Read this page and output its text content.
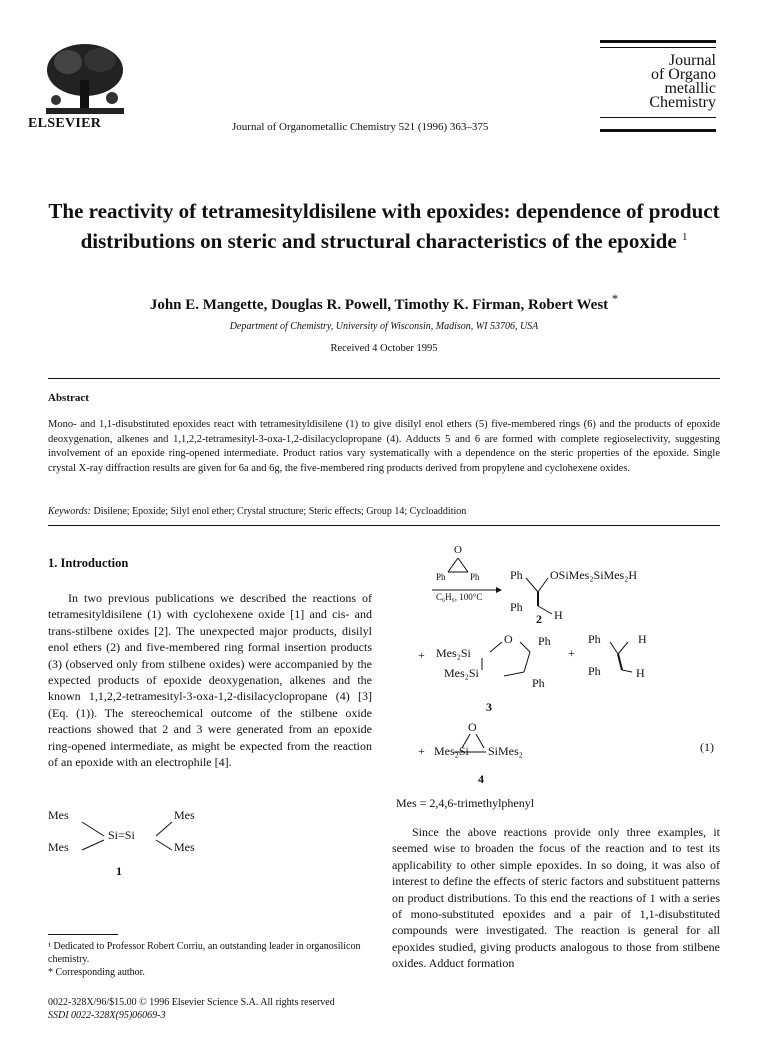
ELSEVIER	Journal of Organometallic Chemistry 521 (1996) 363–375
Journal
of Organo
metallic
Chemistry
The reactivity of tetramesityldisilene with epoxides: dependence of product distributions on steric and structural characteristics of the epoxide $^1$
John E. Mangette, Douglas R. Powell, Timothy K. Firman, Robert West *
Department of Chemistry, University of Wisconsin, Madison, WI 53706, USA
Received 4 October 1995
Abstract
Mono- and 1,1-disubstituted epoxides react with tetramesityldisilene (1) to give disilyl enol ethers (5) five-membered rings (6) and the products of epoxide deoxygenation, alkenes and 1,1,2,2-tetramesityl-3-oxa-1,2-disilacyclopropane (4). Adducts 5 and 6 are formed with complete regioselectivity, suggesting involvement of an epoxide ring-opened intermediate. Product ratios vary systematically with a dependence on the steric properties of the epoxide. Single crystal X-ray diffraction results are given for 6a and 6g, the five-membered ring products derived from propylene and cyclohexene oxides.
Keywords: Disilene; Epoxide; Silyl enol ether; Crystal structure; Steric effects; Group 14; Cycloaddition
1. Introduction
In two previous publications we described the reactions of tetramesityldisilene (1) with cyclohexene oxide [1] and cis- and trans-stilbene oxides [2]. The unexpected major products, disilyl enol ethers (2) and five-membered ring formal insertion products (3) (observed only from stilbene oxides) were accompanied by the expected products of epoxide deoxygenation, alkenes and the known 1,1,2,2-tetramesityl-3-oxa-1,2-disilacyclopropane (4) [3] (Eq. (1)). The stereochemical outcome of the stilbene oxide reactions showed that 2 and 3 were generated from an epoxide ring-opened intermediate, as might be expected from the reaction of an epoxide with an electrophile [4].
Mes	Mes
Mes	Mes
Si=Si
1
O
Ph	Ph
C₆H₆, 100°C
Ph OSiMes₂SiMes₂H
Ph
H
2
+ Mes₂Si
O Ph
Mes₂Si
Ph
+
Ph	H
Ph	H
3
O
+ Mes₂Si SiMes₂
4
(1)
Mes = 2,4,6-trimethylphenyl
Since the above reactions provide only three examples, it seemed wise to broaden the focus of the reaction and to test its applicability to other simple epoxides. In so doing, it was also of interest to define the effects of steric factors and substituent patterns on product distributions. To this end the reactions of 1 with a series of mono-substituted epoxides and a pair of 1,1-disubstituted compounds were investigated. The reaction is general for all epoxides studied, giving products analogous to those from stilbene oxides. Adduct formation
¹ Dedicated to Professor Robert Corriu, an outstanding leader in organosilicon chemistry.
* Corresponding author.
0022-328X/96/$15.00 © 1996 Elsevier Science S.A. All rights reserved
SSDI 0022-328X(95)06069-3
